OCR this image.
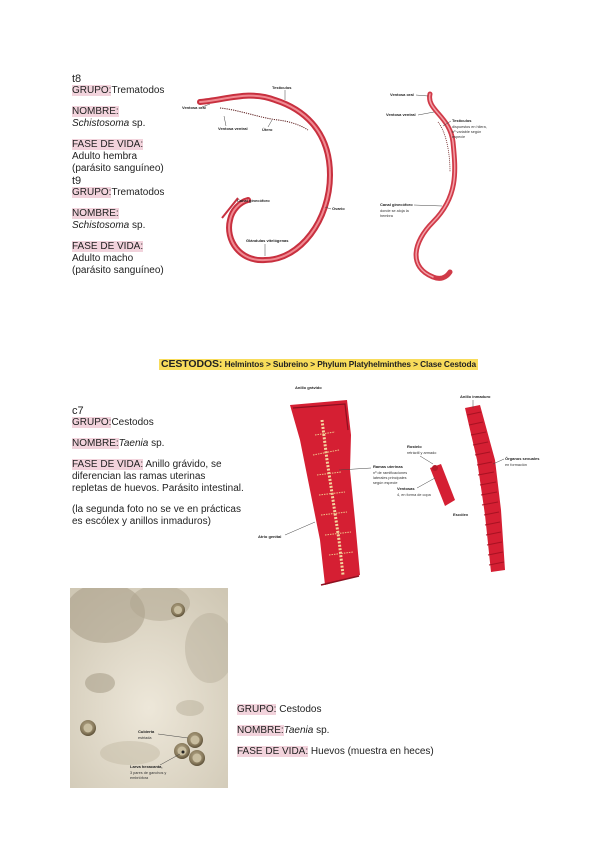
t8
GRUPO:Trematodos
NOMBRE:
Schistosoma sp.
FASE DE VIDA:
Adulto hembra
(parásito sanguíneo)
t9
GRUPO:Trematodos
NOMBRE:
Schistosoma sp.
FASE DE VIDA:
Adulto macho
(parásito sanguíneo)
Testículos
Ventosa oral
Ventosa ventral	Útero
Canal ginecóforo
Ovario
Glándulas vitelógenas
Ventosa oral
Ventosa ventral
Testículos
dispuestos en hilera,
nº variable según
especie
Canal ginecóforo
donde se aloja la
hembra
CESTODOS: Helmintos > Subreino > Phylum Platyhelminthes > Clase Cestoda
c7
GRUPO:Cestodos
NOMBRE:Taenia sp.
FASE DE VIDA: Anillo grávido, se
diferencian las ramas uterinas
repletas de huevos. Parásito intestinal.
(la segunda foto no se ve en prácticas
es escólex y anillos inmaduros)
Anillo grávido
Ramas uterinas
nº de ramificaciones
laterales principales
según especie
Atrio genital
Rostelo
retráctil y armado
Ventosas
4, en forma de copa
Escólex
Anillo inmaduro
Órganos sexuales
en formación
Cubierta
estriada
Larva hexacanta,
3 pares de ganchos y
embriófora
GRUPO: Cestodos
NOMBRE:Taenia sp.
FASE DE VIDA: Huevos (muestra en heces)
